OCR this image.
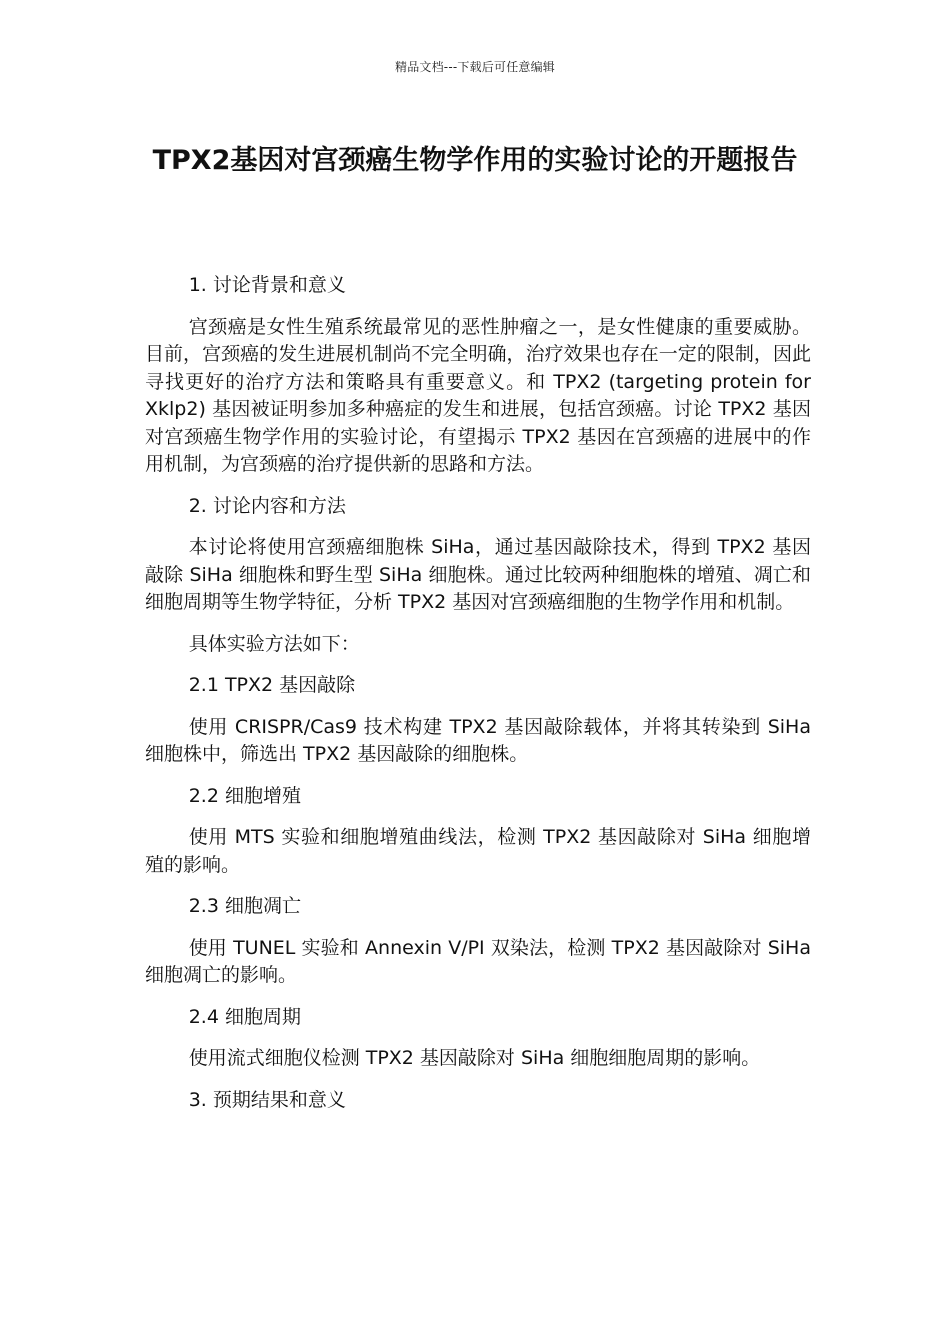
精品文档---下载后可任意编辑
TPX2基因对宫颈癌生物学作用的实验讨论的开题报告

1. 讨论背景和意义

宫颈癌是女性生殖系统最常见的恶性肿瘤之一，是女性健康的重要威胁。目前，宫颈癌的发生进展机制尚不完全明确，治疗效果也存在一定的限制，因此寻找更好的治疗方法和策略具有重要意义。和 TPX2 (targeting protein for Xklp2) 基因被证明参加多种癌症的发生和进展，包括宫颈癌。讨论 TPX2 基因对宫颈癌生物学作用的实验讨论，有望揭示 TPX2 基因在宫颈癌的进展中的作用机制，为宫颈癌的治疗提供新的思路和方法。

2. 讨论内容和方法

本讨论将使用宫颈癌细胞株 SiHa，通过基因敲除技术，得到 TPX2 基因敲除 SiHa 细胞株和野生型 SiHa 细胞株。通过比较两种细胞株的增殖、凋亡和细胞周期等生物学特征，分析 TPX2 基因对宫颈癌细胞的生物学作用和机制。

具体实验方法如下：

2.1 TPX2 基因敲除

使用 CRISPR/Cas9 技术构建 TPX2 基因敲除载体，并将其转染到 SiHa 细胞株中，筛选出 TPX2 基因敲除的细胞株。

2.2 细胞增殖

使用 MTS 实验和细胞增殖曲线法，检测 TPX2 基因敲除对 SiHa 细胞增殖的影响。

2.3 细胞凋亡

使用 TUNEL 实验和 Annexin V/PI 双染法，检测 TPX2 基因敲除对 SiHa 细胞凋亡的影响。

2.4 细胞周期

使用流式细胞仪检测 TPX2 基因敲除对 SiHa 细胞细胞周期的影响。

3. 预期结果和意义
